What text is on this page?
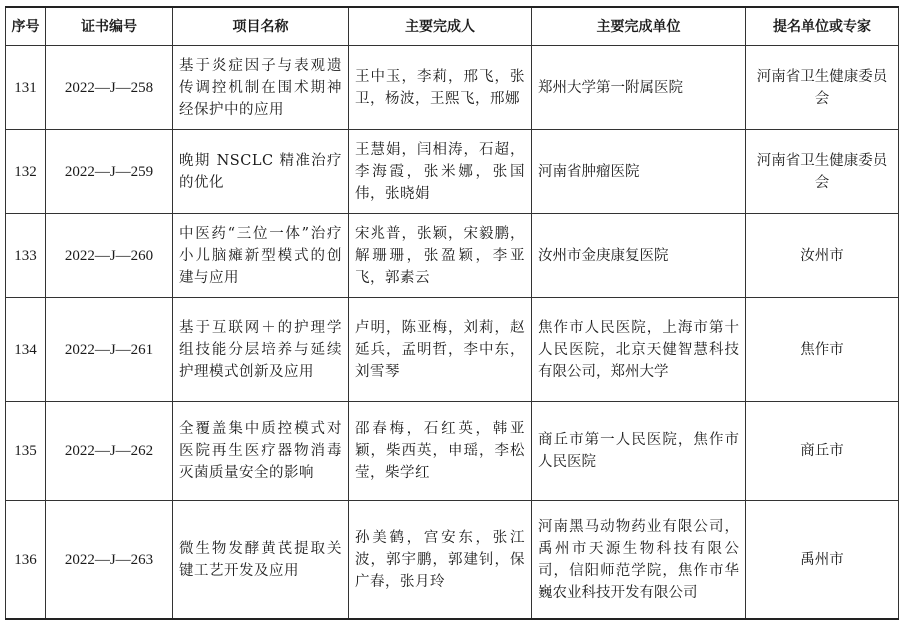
序号	证书编号	项目名称	主要完成人	主要完成单位	提名单位或专家
131	2022—J—258	基于炎症因子与表观遗传调控机制在围术期神经保护中的应用	王中玉，李莉，邢飞，张卫，杨波，王熙飞，邢娜	郑州大学第一附属医院	河南省卫生健康委员会
132	2022—J—259	晚期 NSCLC 精准治疗的优化	王慧娟，闫相涛，石超，李海霞，张米娜，张国伟，张晓娟	河南省肿瘤医院	河南省卫生健康委员会
133	2022—J—260	中医药“三位一体”治疗小儿脑瘫新型模式的创建与应用	宋兆普，张颖，宋毅鹏，解珊珊，张盈颖，李亚飞，郭素云	汝州市金庚康复医院	汝州市
134	2022—J—261	基于互联网＋的护理学组技能分层培养与延续护理模式创新及应用	卢明，陈亚梅，刘莉，赵延兵，孟明哲，李中东，刘雪琴	焦作市人民医院，上海市第十人民医院，北京天健智慧科技有限公司，郑州大学	焦作市
135	2022—J—262	全覆盖集中质控模式对医院再生医疗器物消毒灭菌质量安全的影响	邵春梅，石红英，韩亚颖，柴西英，申瑶，李松莹，柴学红	商丘市第一人民医院，焦作市人民医院	商丘市
136	2022—J—263	微生物发酵黄芪提取关键工艺开发及应用	孙美鹤，宫安东，张江波，郭宇鹏，郭建钊，保广春，张月玲	河南黑马动物药业有限公司，禹州市天源生物科技有限公司，信阳师范学院，焦作市华巍农业科技开发有限公司	禹州市
